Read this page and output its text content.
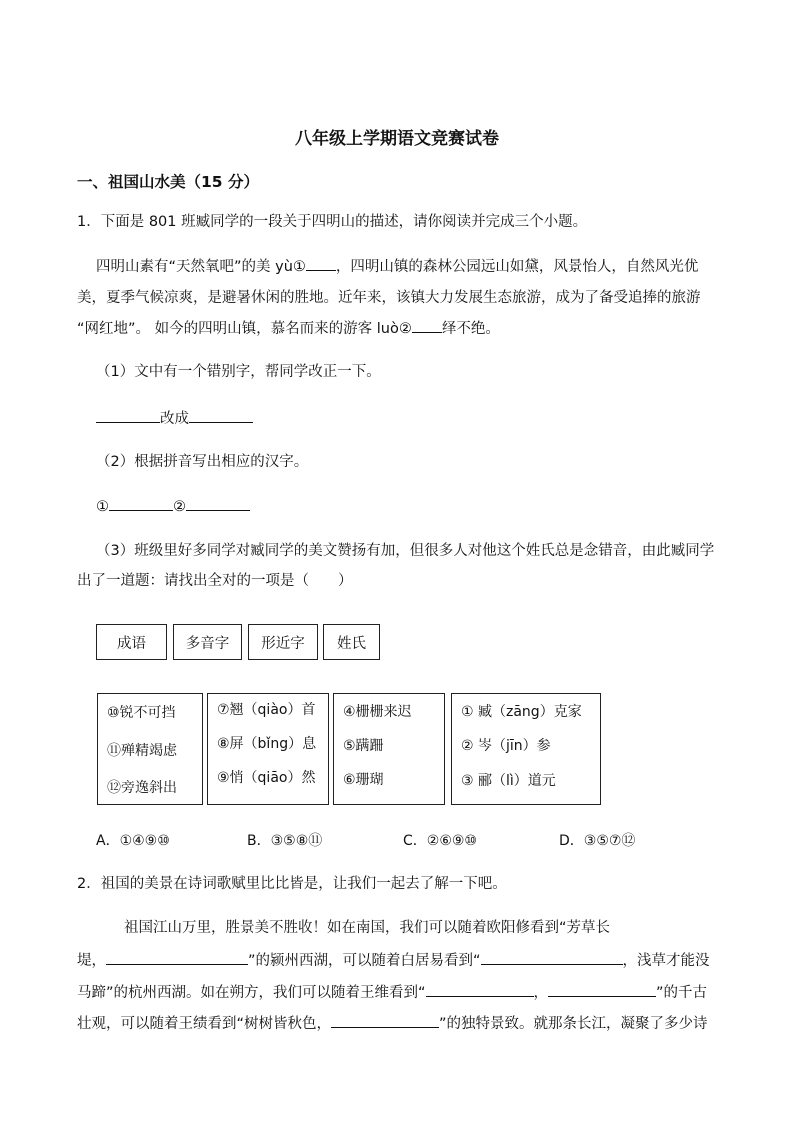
八年级上学期语文竞赛试卷
一、祖国山水美（15 分）
1．下面是 801 班臧同学的一段关于四明山的描述，请你阅读并完成三个小题。
四明山素有“天然氧吧”的美 yù① ，四明山镇的森林公园远山如黛，风景怡人，自然风光优
美，夏季气候凉爽，是避暑休闲的胜地。近年来，该镇大力发展生态旅游，成为了备受追捧的旅游
“网红地”。 如今的四明山镇，慕名而来的游客 luò② 绎不绝。
（1）文中有一个错别字，帮同学改正一下。
改成
（2）根据拼音写出相应的汉字。
①	②
（3）班级里好多同学对臧同学的美文赞扬有加，但很多人对他这个姓氏总是念错音，由此臧同学
出了一道题：请找出全对的一项是（　　）
成语	多音字	形近字	姓氏
⑩锐不可挡
⑪殚精竭虑
⑫旁逸斜出
⑦翘（qiào）首
⑧屏（bǐng）息
⑨悄（qiāo）然
④栅栅来迟
⑤蹒跚
⑥珊瑚
① 臧（zāng）克家
② 岑（jīn）参
③ 郦（lì）道元
A．①④⑨⑩	B．③⑤⑧⑪	C．②⑥⑨⑩	D．③⑤⑦⑫
2．祖国的美景在诗词歌赋里比比皆是，让我们一起去了解一下吧。
祖国江山万里，胜景美不胜收！如在南国，我们可以随着欧阳修看到“芳草长
堤，	”的颍州西湖，可以随着白居易看到“	，浅草才能没
马蹄”的杭州西湖。如在朔方，我们可以随着王维看到“	，	”的千古
壮观，可以随着王绩看到“树树皆秋色，	”的独特景致。就那条长江，凝聚了多少诗
